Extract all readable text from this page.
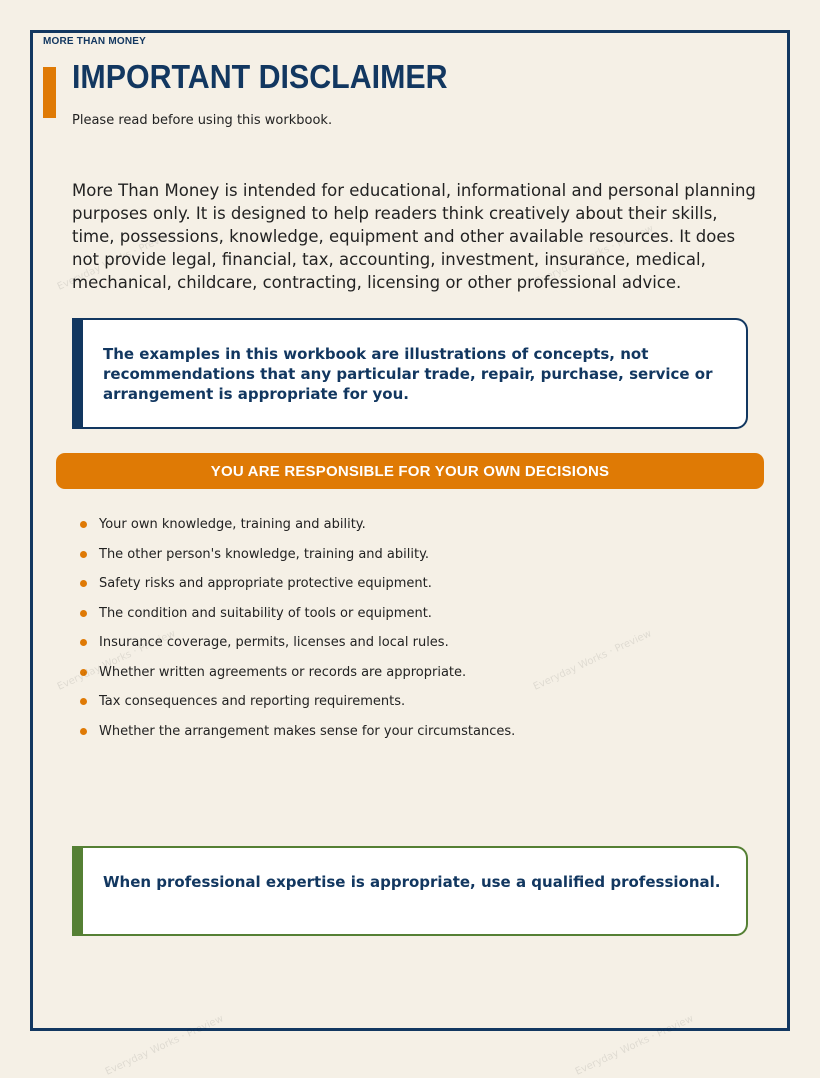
MORE THAN MONEY
IMPORTANT DISCLAIMER
Please read before using this workbook.
More Than Money is intended for educational, informational and personal planning purposes only. It is designed to help readers think creatively about their skills, time, possessions, knowledge, equipment and other available resources. It does not provide legal, financial, tax, accounting, investment, insurance, medical, mechanical, childcare, contracting, licensing or other professional advice.
The examples in this workbook are illustrations of concepts, not recommendations that any particular trade, repair, purchase, service or arrangement is appropriate for you.
YOU ARE RESPONSIBLE FOR YOUR OWN DECISIONS
Your own knowledge, training and ability.
The other person's knowledge, training and ability.
Safety risks and appropriate protective equipment.
The condition and suitability of tools or equipment.
Insurance coverage, permits, licenses and local rules.
Whether written agreements or records are appropriate.
Tax consequences and reporting requirements.
Whether the arrangement makes sense for your circumstances.
When professional expertise is appropriate, use a qualified professional.
Everyday Works · Preview	Everyday Works · Preview
Everyday Works · Preview	Everyday Works · Preview
Everyday Works · Preview	Everyday Works · Preview
